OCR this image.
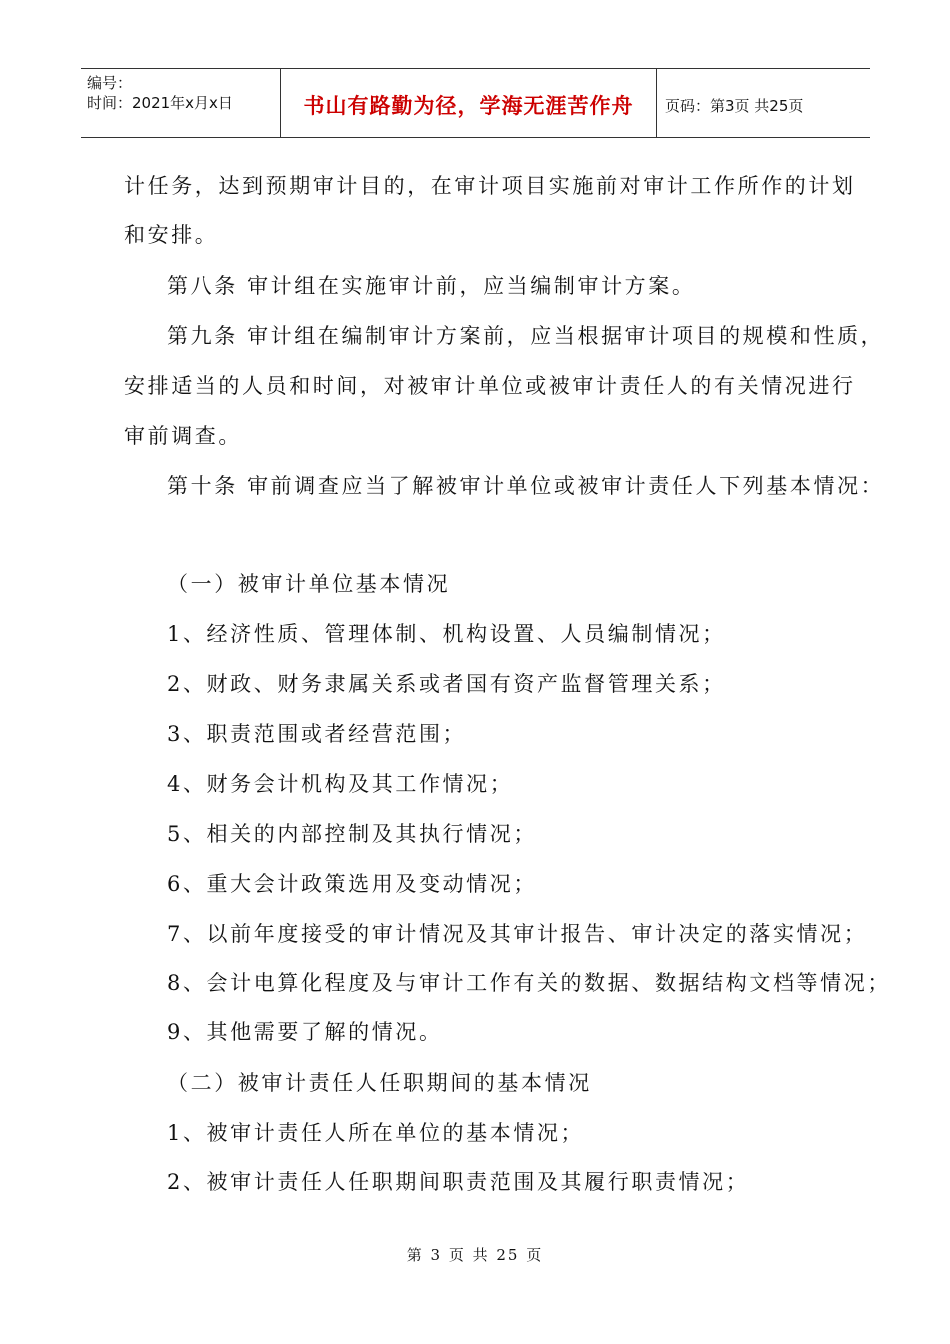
编号：
时间：2021年x月x日	书山有路勤为径，学海无涯苦作舟	页码：第3页 共25页
计任务，达到预期审计目的，在审计项目实施前对审计工作所作的计划
和安排。
第八条 审计组在实施审计前，应当编制审计方案。
第九条 审计组在编制审计方案前，应当根据审计项目的规模和性质，
安排适当的人员和时间，对被审计单位或被审计责任人的有关情况进行
审前调查。
第十条 审前调查应当了解被审计单位或被审计责任人下列基本情况：
（一）被审计单位基本情况
1、经济性质、管理体制、机构设置、人员编制情况；
2、财政、财务隶属关系或者国有资产监督管理关系；
3、职责范围或者经营范围；
4、财务会计机构及其工作情况；
5、相关的内部控制及其执行情况；
6、重大会计政策选用及变动情况；
7、以前年度接受的审计情况及其审计报告、审计决定的落实情况；
8、会计电算化程度及与审计工作有关的数据、数据结构文档等情况；
9、其他需要了解的情况。
（二）被审计责任人任职期间的基本情况
1、被审计责任人所在单位的基本情况；
2、被审计责任人任职期间职责范围及其履行职责情况；
第 3 页 共 25 页
